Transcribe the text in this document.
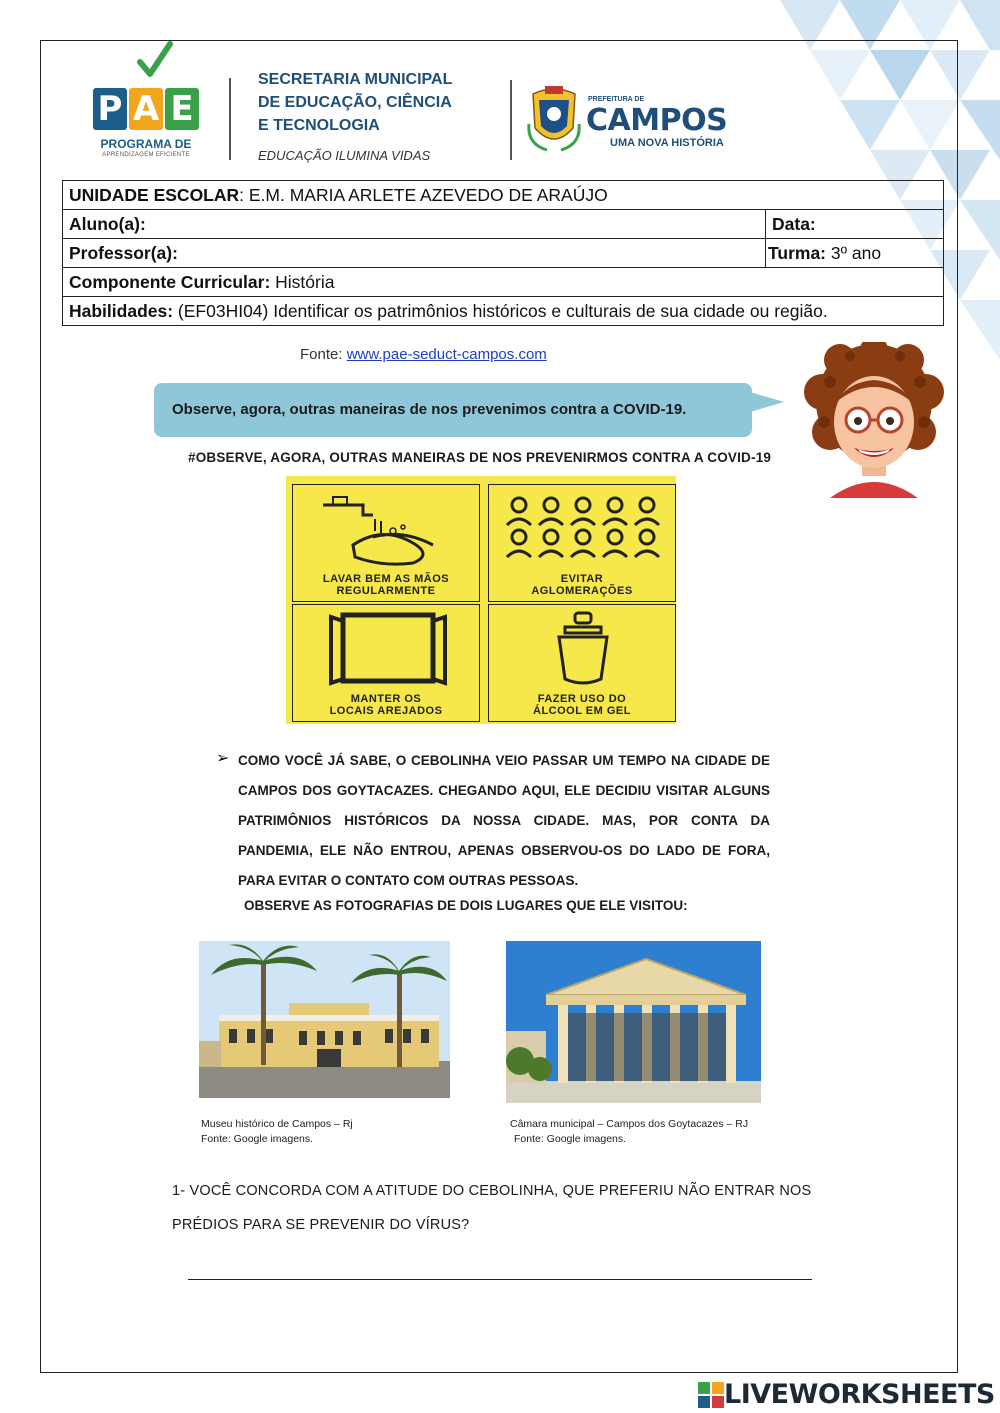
P A E
PROGRAMA DE
APRENDIZAGEM EFICIENTE
SECRETARIA MUNICIPAL
DE EDUCAÇÃO, CIÊNCIA
E TECNOLOGIA
EDUCAÇÃO ILUMINA VIDAS
PREFEITURA DE
CAMPOS
UMA NOVA HISTÓRIA
UNIDADE ESCOLAR: E.M. MARIA ARLETE AZEVEDO DE ARAÚJO	
Aluno(a):	Data:
Professor(a):	Turma: 3º ano
Componente Curricular: História	
Habilidades: (EF03HI04) Identificar os patrimônios históricos e culturais de sua cidade ou região.	
Fonte: www.pae-seduct-campos.com
Observe, agora, outras maneiras de nos prevenimos contra a COVID-19.
#OBSERVE, AGORA, OUTRAS MANEIRAS DE NOS PREVENIRMOS CONTRA A COVID-19
LAVAR BEM AS MÃOS
REGULARMENTE
EVITAR
AGLOMERAÇÕES
MANTER OS
LOCAIS AREJADOS
FAZER USO DO
ÁLCOOL EM GEL
➢ COMO VOCÊ JÁ SABE, O CEBOLINHA VEIO PASSAR UM TEMPO NA CIDADE DE CAMPOS DOS GOYTACAZES. CHEGANDO AQUI, ELE DECIDIU VISITAR ALGUNS PATRIMÔNIOS HISTÓRICOS DA NOSSA CIDADE. MAS, POR CONTA DA PANDEMIA, ELE NÃO ENTROU, APENAS OBSERVOU-OS DO LADO DE FORA, PARA EVITAR O CONTATO COM OUTRAS PESSOAS.
OBSERVE AS FOTOGRAFIAS DE DOIS LUGARES QUE ELE VISITOU:
Museu histórico de Campos – Rj
Fonte: Google imagens.
Câmara municipal – Campos dos Goytacazes – RJ
Fonte: Google imagens.
1- VOCÊ CONCORDA COM A ATITUDE DO CEBOLINHA, QUE PREFERIU NÃO ENTRAR NOS PRÉDIOS PARA SE PREVENIR DO VÍRUS?
LIVEWORKSHEETS
